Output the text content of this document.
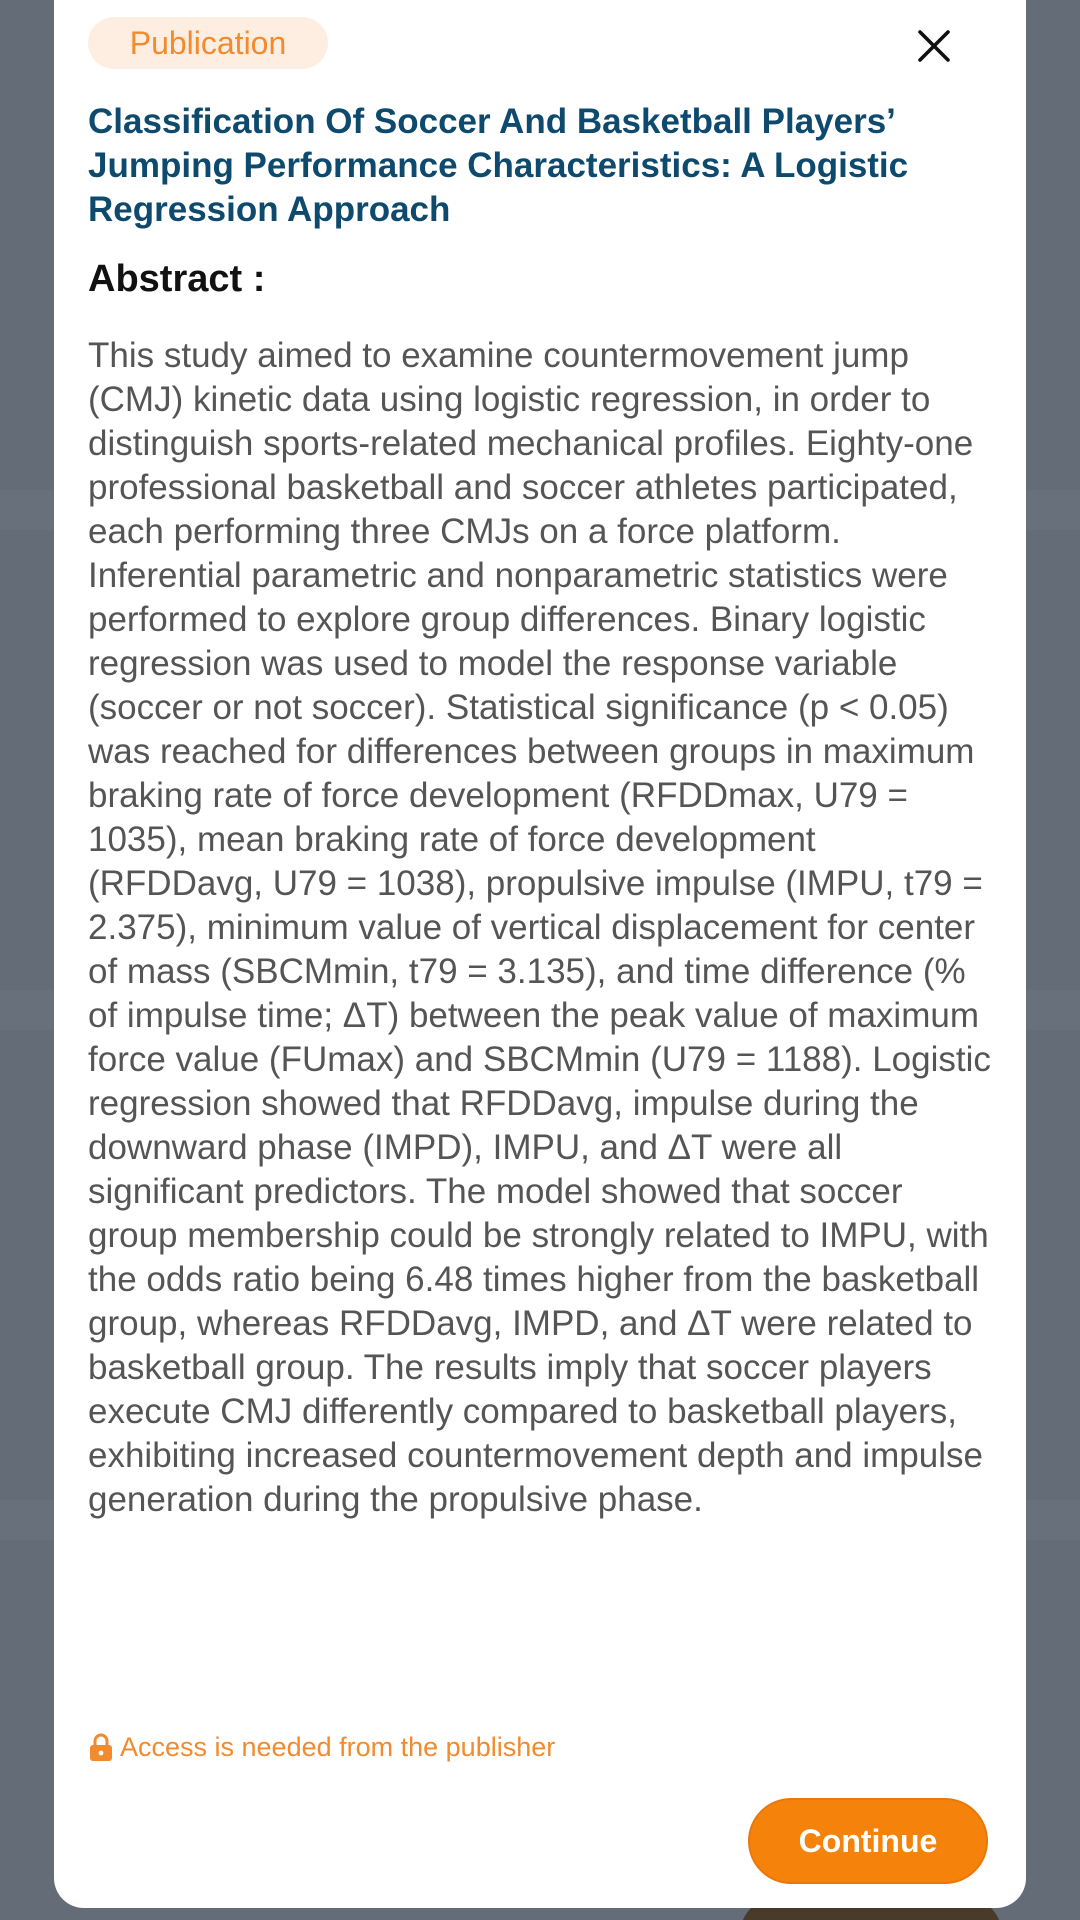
Publication
Classification Of Soccer And Basketball Players’ Jumping Performance Characteristics: A Logistic Regression Approach
Abstract :

This study aimed to examine countermovement jump (CMJ) kinetic data using logistic regression, in order to distinguish sports-related mechanical profiles. Eighty-one professional basketball and soccer athletes participated, each performing three CMJs on a force platform. Inferential parametric and nonparametric statistics were performed to explore group differences. Binary logistic regression was used to model the response variable (soccer or not soccer). Statistical significance (p < 0.05) was reached for differences between groups in maximum braking rate of force development (RFDDmax, U79 = 1035), mean braking rate of force development (RFDDavg, U79 = 1038), propulsive impulse (IMPU, t79 = 2.375), minimum value of vertical displacement for center of mass (SBCMmin, t79 = 3.135), and time difference (% of impulse time; ΔT) between the peak value of maximum force value (FUmax) and SBCMmin (U79 = 1188). Logistic regression showed that RFDDavg, impulse during the downward phase (IMPD), IMPU, and ΔT were all significant predictors. The model showed that soccer group membership could be strongly related to IMPU, with the odds ratio being 6.48 times higher from the basketball group, whereas RFDDavg, IMPD, and ΔT were related to basketball group. The results imply that soccer players execute CMJ differently compared to basketball players, exhibiting increased countermovement depth and impulse generation during the propulsive phase.

Access is needed from the publisher
Continue
